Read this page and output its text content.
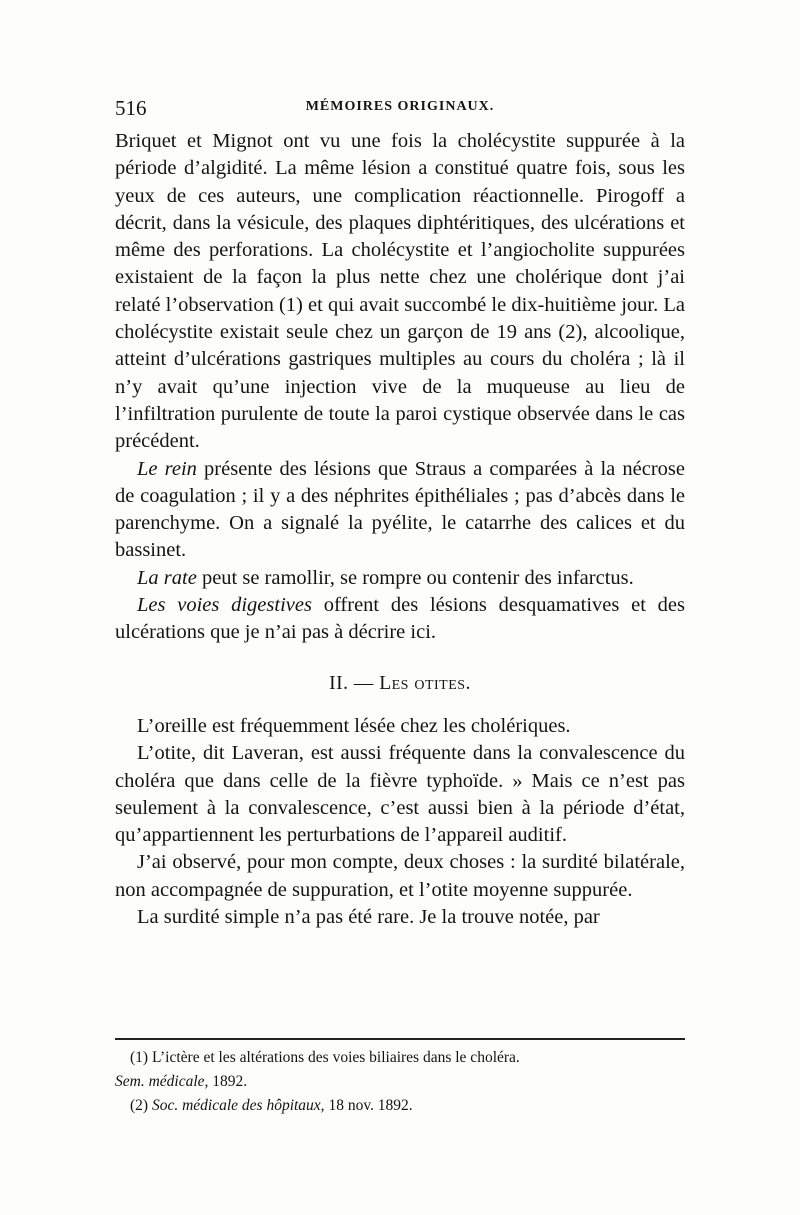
516	MÉMOIRES ORIGINAUX.

Briquet et Mignot ont vu une fois la cholécystite suppurée à la période d’algidité. La même lésion a constitué quatre fois, sous les yeux de ces auteurs, une complication réactionnelle. Pirogoff a décrit, dans la vésicule, des plaques diphtéritiques, des ulcérations et même des perforations. La cholécystite et l’angiocholite suppurées existaient de la façon la plus nette chez une cholérique dont j’ai relaté l’observation (1) et qui avait succombé le dix-huitième jour. La cholécystite existait seule chez un garçon de 19 ans (2), alcoolique, atteint d’ulcérations gastriques multiples au cours du choléra ; là il n’y avait qu’une injection vive de la muqueuse au lieu de l’infiltration purulente de toute la paroi cystique observée dans le cas précédent.

Le rein présente des lésions que Straus a comparées à la nécrose de coagulation ; il y a des néphrites épithéliales ; pas d’abcès dans le parenchyme. On a signalé la pyélite, le catarrhe des calices et du bassinet.

La rate peut se ramollir, se rompre ou contenir des infarctus.

Les voies digestives offrent des lésions desquamatives et des ulcérations que je n’ai pas à décrire ici.

II. — Les otites.

L’oreille est fréquemment lésée chez les cholériques.

L’otite, dit Laveran, est aussi fréquente dans la convalescence du choléra que dans celle de la fièvre typhoïde. » Mais ce n’est pas seulement à la convalescence, c’est aussi bien à la période d’état, qu’appartiennent les perturbations de l’appareil auditif.

J’ai observé, pour mon compte, deux choses : la surdité bilatérale, non accompagnée de suppuration, et l’otite moyenne suppurée.

La surdité simple n’a pas été rare. Je la trouve notée, par

(1) L’ictère et les altérations des voies biliaires dans le choléra.

Sem. médicale, 1892.

(2) Soc. médicale des hôpitaux, 18 nov. 1892.
